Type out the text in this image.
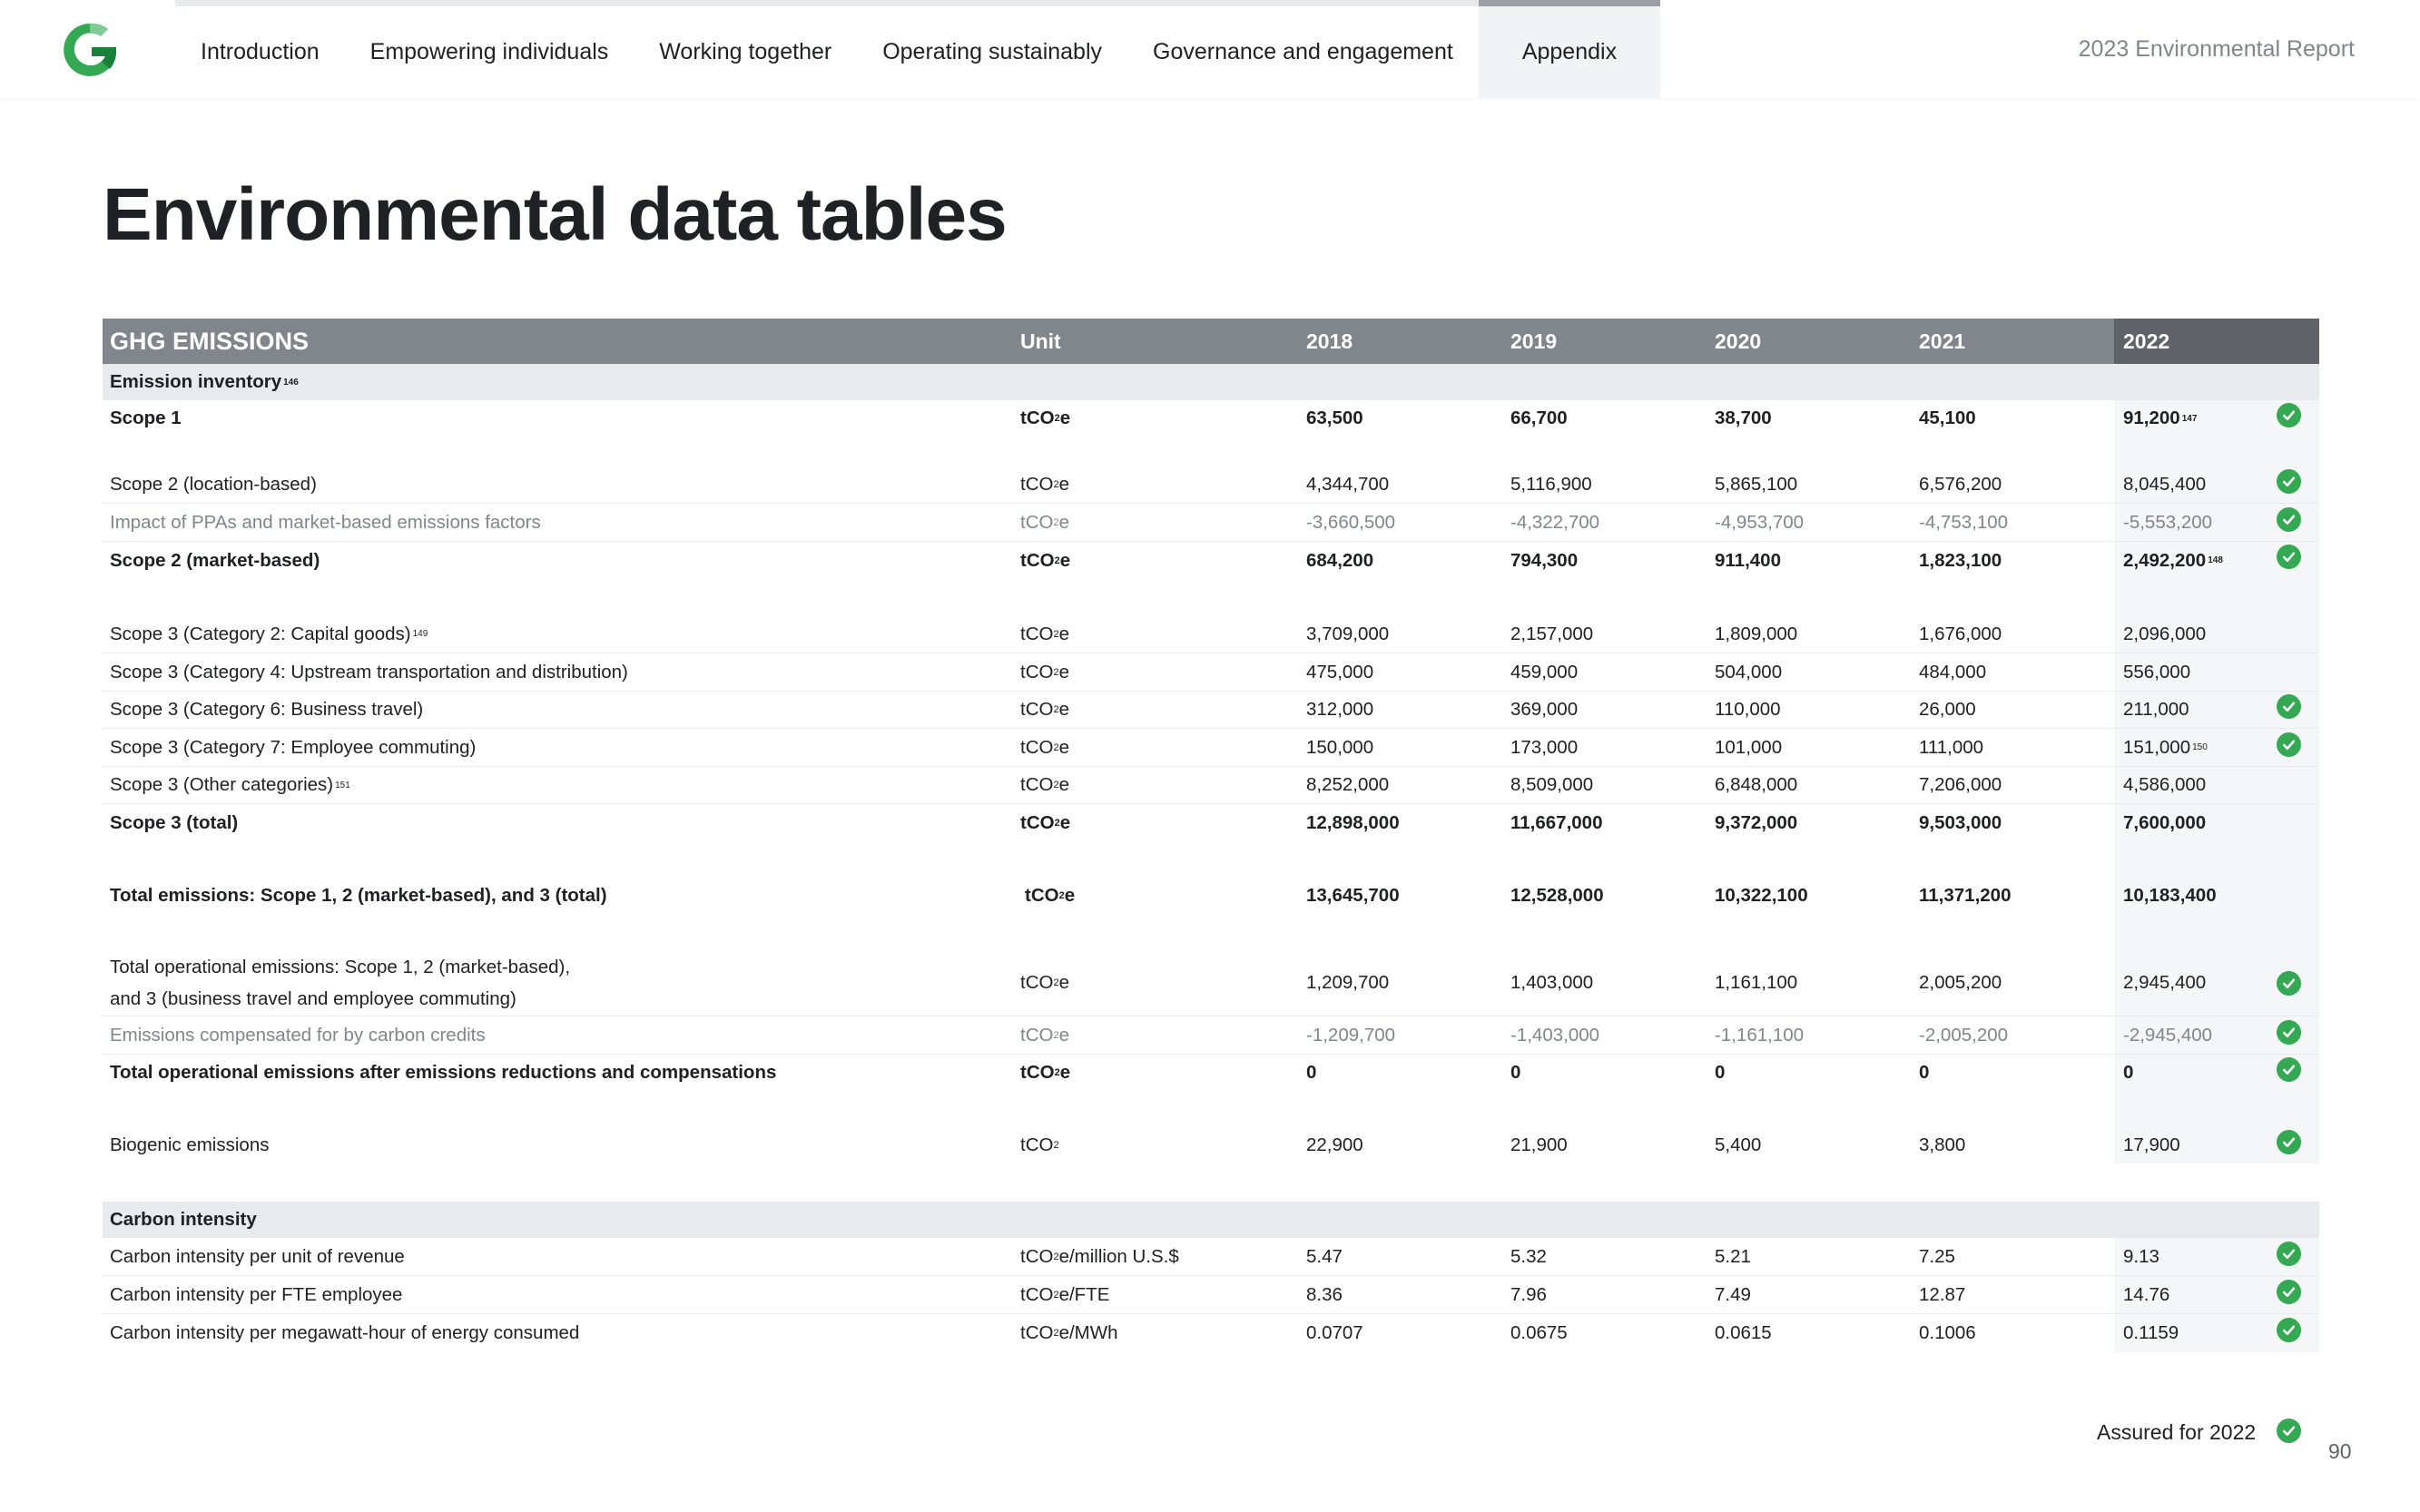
Introduction	Empowering individuals	Working together	Operating sustainably	Governance and engagement	Appendix	2023 Environmental Report
Environmental data tables
GHG EMISSIONS	Unit	2018	2019	2020	2021	2022
Emission inventory 146
Scope 1	tCO 2 e	63,500	66,700	38,700	45,100	91,200 147
Scope 2 (location-based)	tCO 2 e	4,344,700	5,116,900	5,865,100	6,576,200	8,045,400
Impact of PPAs and market-based emissions factors	tCO 2 e	-3,660,500	-4,322,700	-4,953,700	-4,753,100	-5,553,200
Scope 2 (market-based)	tCO 2 e	684,200	794,300	911,400	1,823,100	2,492,200 148
Scope 3 (Category 2: Capital goods) 149	tCO 2 e	3,709,000	2,157,000	1,809,000	1,676,000	2,096,000
Scope 3 (Category 4: Upstream transportation and distribution)	tCO 2 e	475,000	459,000	504,000	484,000	556,000
Scope 3 (Category 6: Business travel)	tCO 2 e	312,000	369,000	110,000	26,000	211,000
Scope 3 (Category 7: Employee commuting)	tCO 2 e	150,000	173,000	101,000	111,000	151,000 150
Scope 3 (Other categories) 151	tCO 2 e	8,252,000	8,509,000	6,848,000	7,206,000	4,586,000
Scope 3 (total)	tCO 2 e	12,898,000	11,667,000	9,372,000	9,503,000	7,600,000
Total emissions: Scope 1, 2 (market-based), and 3 (total)	tCO 2 e	13,645,700	12,528,000	10,322,100	11,371,200	10,183,400
Total operational emissions: Scope 1, 2 (market-based),
and 3 (business travel and employee commuting)
tCO 2 e	1,209,700	1,403,000	1,161,100	2,005,200	2,945,400
Emissions compensated for by carbon credits	tCO 2 e	-1,209,700	-1,403,000	-1,161,100	-2,005,200	-2,945,400
Total operational emissions after emissions reductions and compensations	tCO 2 e	0	0	0	0	0
Biogenic emissions	tCO 2	22,900	21,900	5,400	3,800	17,900
Carbon intensity
Carbon intensity per unit of revenue	tCO 2 e/million U.S.$	5.47	5.32	5.21	7.25	9.13
Carbon intensity per FTE employee	tCO 2 e/FTE	8.36	7.96	7.49	12.87	14.76
Carbon intensity per megawatt-hour of energy consumed	tCO 2 e/MWh	0.0707	0.0675	0.0615	0.1006	0.1159
Assured for 2022
90
